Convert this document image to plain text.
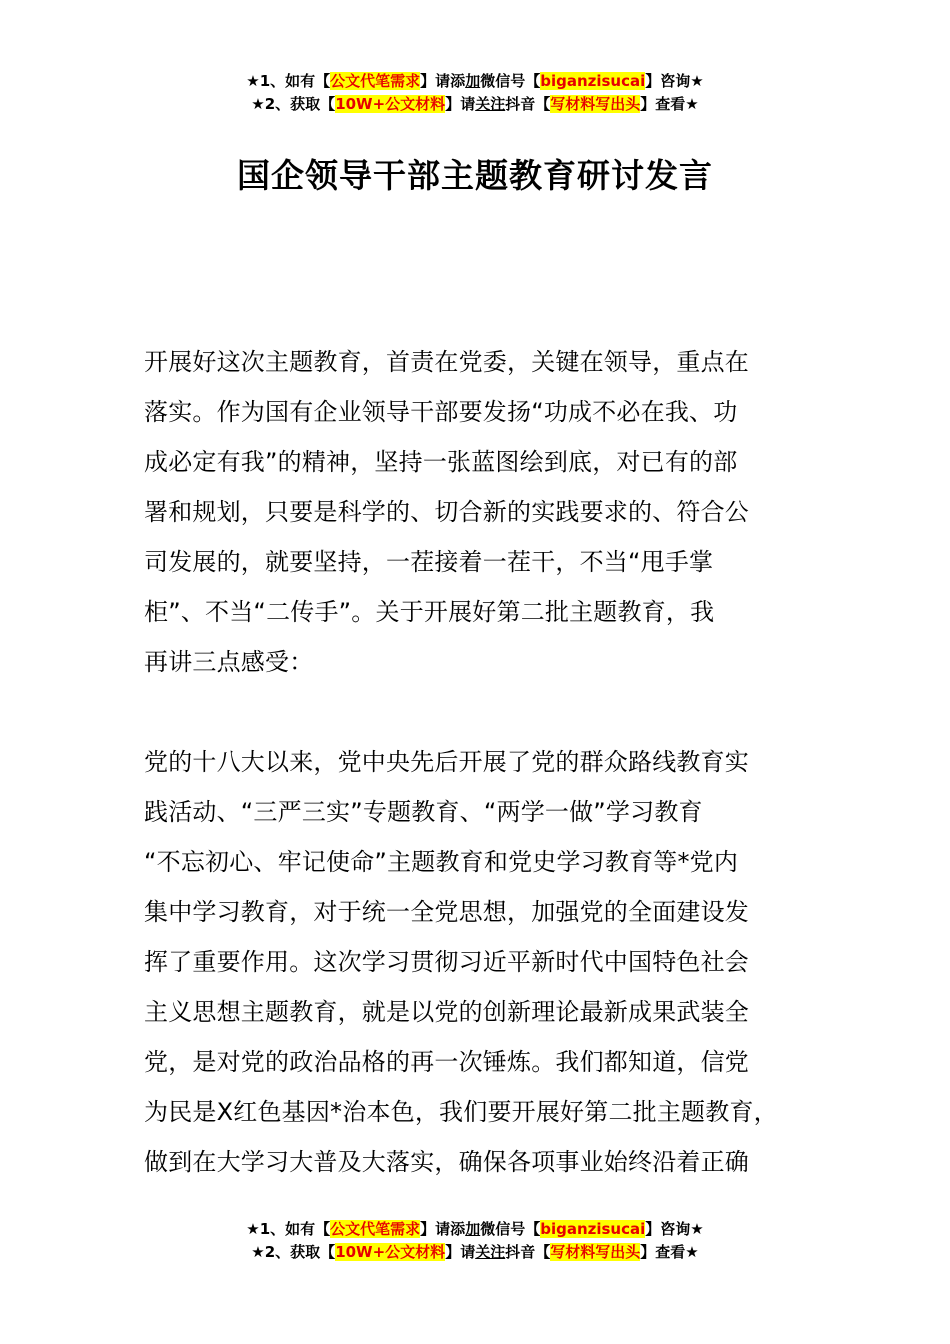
★1、如有【公文代笔需求】请添加微信号【biganzisucai】咨询★
★2、获取【10W+公文材料】请关注抖音【写材料写出头】查看★
国企领导干部主题教育研讨发言
开展好这次主题教育，首责在党委，关键在领导，重点在
落实。作为国有企业领导干部要发扬“功成不必在我、功
成必定有我”的精神，坚持一张蓝图绘到底，对已有的部
署和规划，只要是科学的、切合新的实践要求的、符合公
司发展的，就要坚持，一茬接着一茬干，不当“甩手掌
柜”、不当“二传手”。关于开展好第二批主题教育，我
再讲三点感受：
党的十八大以来，党中央先后开展了党的群众路线教育实
践活动、“三严三实”专题教育、“两学一做”学习教育
“不忘初心、牢记使命”主题教育和党史学习教育等*党内
集中学习教育，对于统一全党思想，加强党的全面建设发
挥了重要作用。这次学习贯彻习近平新时代中国特色社会
主义思想主题教育，就是以党的创新理论最新成果武装全
党，是对党的政治品格的再一次锤炼。我们都知道，信党
为民是X红色基因*治本色，我们要开展好第二批主题教育，
做到在大学习大普及大落实，确保各项事业始终沿着正确
★1、如有【公文代笔需求】请添加微信号【biganzisucai】咨询★
★2、获取【10W+公文材料】请关注抖音【写材料写出头】查看★
